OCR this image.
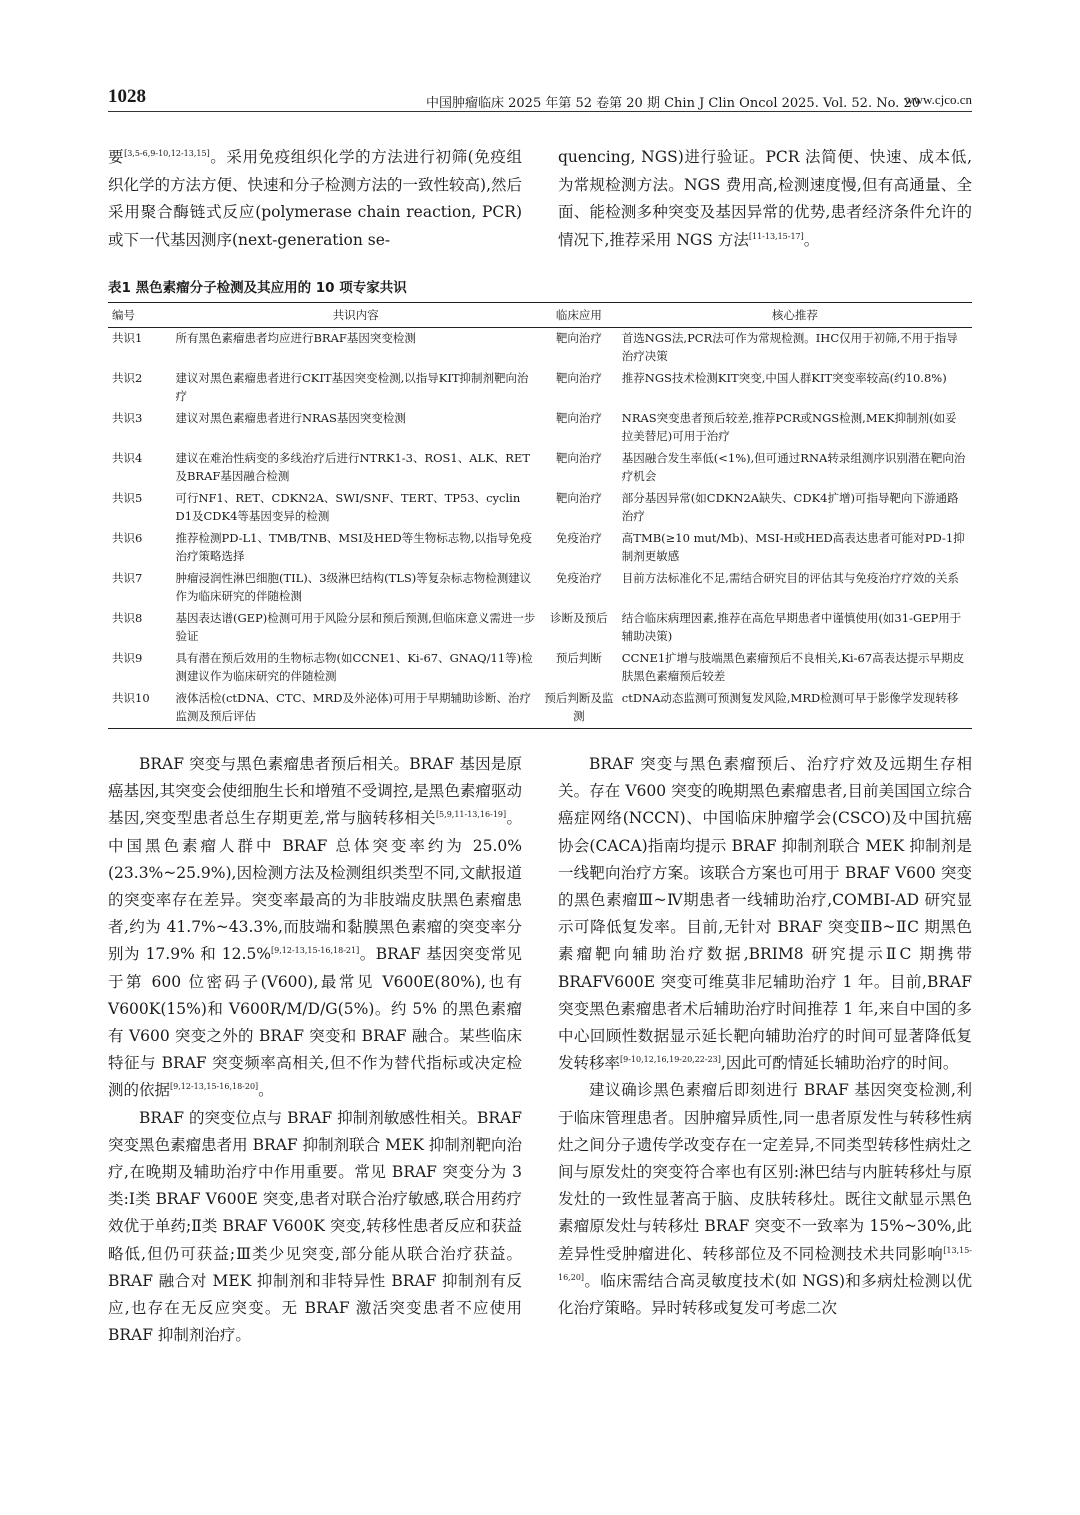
1028	中国肿瘤临床 2025 年第 52 卷第 20 期 Chin J Clin Oncol 2025. Vol. 52. No. 20
www.cjco.cn

要[3,5-6,9-10,12-13,15]。采用免疫组织化学的方法进行初筛(免疫组织化学的方法方便、快速和分子检测方法的一致性较高),然后采用聚合酶链式反应(polymerase chain reaction, PCR)或下一代基因测序(next-generation se-

quencing, NGS)进行验证。PCR 法简便、快速、成本低,为常规检测方法。NGS 费用高,检测速度慢,但有高通量、全面、能检测多种突变及基因异常的优势,患者经济条件允许的情况下,推荐采用 NGS 方法[11-13,15-17]。

表1 黑色素瘤分子检测及其应用的 10 项专家共识
编号	共识内容	临床应用	核心推荐
共识1	所有黑色素瘤患者均应进行BRAF基因突变检测	靶向治疗	首选NGS法,PCR法可作为常规检测。IHC仅用于初筛,不用于指导治疗决策
共识2	建议对黑色素瘤患者进行CKIT基因突变检测,以指导KIT抑制剂靶向治疗	靶向治疗	推荐NGS技术检测KIT突变,中国人群KIT突变率较高(约10.8%)
共识3	建议对黑色素瘤患者进行NRAS基因突变检测	靶向治疗	NRAS突变患者预后较差,推荐PCR或NGS检测,MEK抑制剂(如妥拉美替尼)可用于治疗
共识4	建议在难治性病变的多线治疗后进行NTRK1-3、ROS1、ALK、RET及BRAF基因融合检测	靶向治疗	基因融合发生率低(<1%),但可通过RNA转录组测序识别潜在靶向治疗机会
共识5	可行NF1、RET、CDKN2A、SWI/SNF、TERT、TP53、cyclin D1及CDK4等基因变异的检测	靶向治疗	部分基因异常(如CDKN2A缺失、CDK4扩增)可指导靶向下游通路治疗
共识6	推荐检测PD-L1、TMB/TNB、MSI及HED等生物标志物,以指导免疫治疗策略选择	免疫治疗	高TMB(≥10 mut/Mb)、MSI-H或HED高表达患者可能对PD-1抑制剂更敏感
共识7	肿瘤浸润性淋巴细胞(TIL)、3级淋巴结构(TLS)等复杂标志物检测建议作为临床研究的伴随检测	免疫治疗	目前方法标准化不足,需结合研究目的评估其与免疫治疗疗效的关系
共识8	基因表达谱(GEP)检测可用于风险分层和预后预测,但临床意义需进一步验证	诊断及预后	结合临床病理因素,推荐在高危早期患者中谨慎使用(如31-GEP用于辅助决策)
共识9	具有潜在预后效用的生物标志物(如CCNE1、Ki-67、GNAQ/11等)检测建议作为临床研究的伴随检测	预后判断	CCNE1扩增与肢端黑色素瘤预后不良相关,Ki-67高表达提示早期皮肤黑色素瘤预后较差
共识10	液体活检(ctDNA、CTC、MRD及外泌体)可用于早期辅助诊断、治疗监测及预后评估	预后判断及监测	ctDNA动态监测可预测复发风险,MRD检测可早于影像学发现转移

BRAF 突变与黑色素瘤患者预后相关。BRAF 基因是原癌基因,其突变会使细胞生长和增殖不受调控,是黑色素瘤驱动基因,突变型患者总生存期更差,常与脑转移相关[5,9,11-13,16-19]。中国黑色素瘤人群中 BRAF 总体突变率约为 25.0%(23.3%~25.9%),因检测方法及检测组织类型不同,文献报道的突变率存在差异。突变率最高的为非肢端皮肤黑色素瘤患者,约为 41.7%~43.3%,而肢端和黏膜黑色素瘤的突变率分别为 17.9% 和 12.5%[9,12-13,15-16,18-21]。BRAF 基因突变常见于第 600 位密码子(V600),最常见 V600E(80%),也有 V600K(15%)和 V600R/M/D/G(5%)。约 5% 的黑色素瘤有 V600 突变之外的 BRAF 突变和 BRAF 融合。某些临床特征与 BRAF 突变频率高相关,但不作为替代指标或决定检测的依据[9,12-13,15-16,18-20]。

BRAF 的突变位点与 BRAF 抑制剂敏感性相关。BRAF 突变黑色素瘤患者用 BRAF 抑制剂联合 MEK 抑制剂靶向治疗,在晚期及辅助治疗中作用重要。常见 BRAF 突变分为 3 类:Ⅰ类 BRAF V600E 突变,患者对联合治疗敏感,联合用药疗效优于单药;Ⅱ类 BRAF V600K 突变,转移性患者反应和获益略低,但仍可获益;Ⅲ类少见突变,部分能从联合治疗获益。BRAF 融合对 MEK 抑制剂和非特异性 BRAF 抑制剂有反应,也存在无反应突变。无 BRAF 激活突变患者不应使用 BRAF 抑制剂治疗。

BRAF 突变与黑色素瘤预后、治疗疗效及远期生存相关。存在 V600 突变的晚期黑色素瘤患者,目前美国国立综合癌症网络(NCCN)、中国临床肿瘤学会(CSCO)及中国抗癌协会(CACA)指南均提示 BRAF 抑制剂联合 MEK 抑制剂是一线靶向治疗方案。该联合方案也可用于 BRAF V600 突变的黑色素瘤Ⅲ~Ⅳ期患者一线辅助治疗,COMBI-AD 研究显示可降低复发率。目前,无针对 BRAF 突变ⅡB~ⅡC 期黑色素瘤靶向辅助治疗数据,BRIM8 研究提示ⅡC 期携带 BRAFV600E 突变可维莫非尼辅助治疗 1 年。目前,BRAF 突变黑色素瘤患者术后辅助治疗时间推荐 1 年,来自中国的多中心回顾性数据显示延长靶向辅助治疗的时间可显著降低复发转移率[9-10,12,16,19-20,22-23],因此可酌情延长辅助治疗的时间。

建议确诊黑色素瘤后即刻进行 BRAF 基因突变检测,利于临床管理患者。因肿瘤异质性,同一患者原发性与转移性病灶之间分子遗传学改变存在一定差异,不同类型转移性病灶之间与原发灶的突变符合率也有区别:淋巴结与内脏转移灶与原发灶的一致性显著高于脑、皮肤转移灶。既往文献显示黑色素瘤原发灶与转移灶 BRAF 突变不一致率为 15%~30%,此差异性受肿瘤进化、转移部位及不同检测技术共同影响[13,15-16,20]。临床需结合高灵敏度技术(如 NGS)和多病灶检测以优化治疗策略。异时转移或复发可考虑二次
